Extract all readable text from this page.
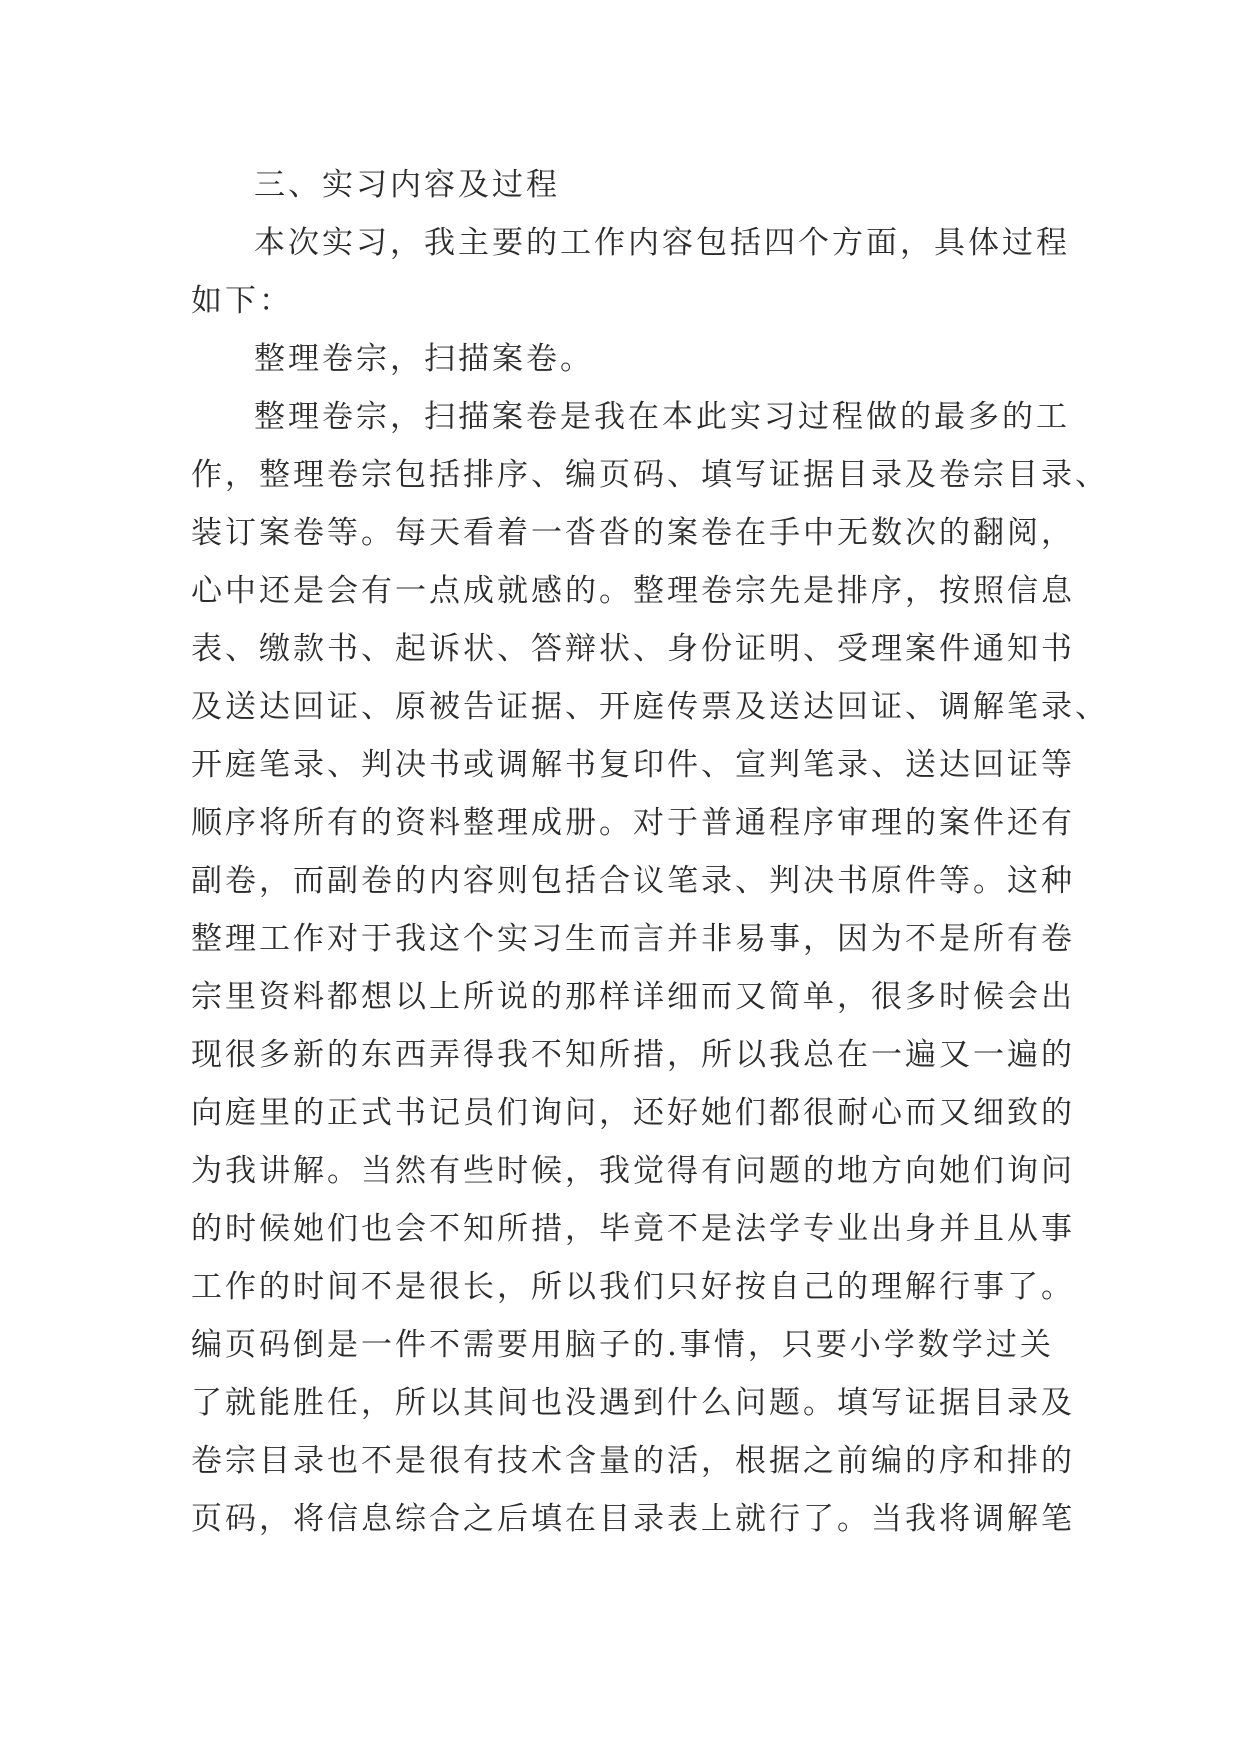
三、实习内容及过程

本次实习，我主要的工作内容包括四个方面，具体过程

如下：

整理卷宗，扫描案卷。

整理卷宗，扫描案卷是我在本此实习过程做的最多的工

作，整理卷宗包括排序、编页码、填写证据目录及卷宗目录、

装订案卷等。每天看着一沓沓的案卷在手中无数次的翻阅，

心中还是会有一点成就感的。整理卷宗先是排序，按照信息

表、缴款书、起诉状、答辩状、身份证明、受理案件通知书

及送达回证、原被告证据、开庭传票及送达回证、调解笔录、

开庭笔录、判决书或调解书复印件、宣判笔录、送达回证等

顺序将所有的资料整理成册。对于普通程序审理的案件还有

副卷，而副卷的内容则包括合议笔录、判决书原件等。这种

整理工作对于我这个实习生而言并非易事，因为不是所有卷

宗里资料都想以上所说的那样详细而又简单，很多时候会出

现很多新的东西弄得我不知所措，所以我总在一遍又一遍的

向庭里的正式书记员们询问，还好她们都很耐心而又细致的

为我讲解。当然有些时候，我觉得有问题的地方向她们询问

的时候她们也会不知所措，毕竟不是法学专业出身并且从事

工作的时间不是很长，所以我们只好按自己的理解行事了。

编页码倒是一件不需要用脑子的.事情，只要小学数学过关

了就能胜任，所以其间也没遇到什么问题。填写证据目录及

卷宗目录也不是很有技术含量的活，根据之前编的序和排的

页码，将信息综合之后填在目录表上就行了。当我将调解笔
